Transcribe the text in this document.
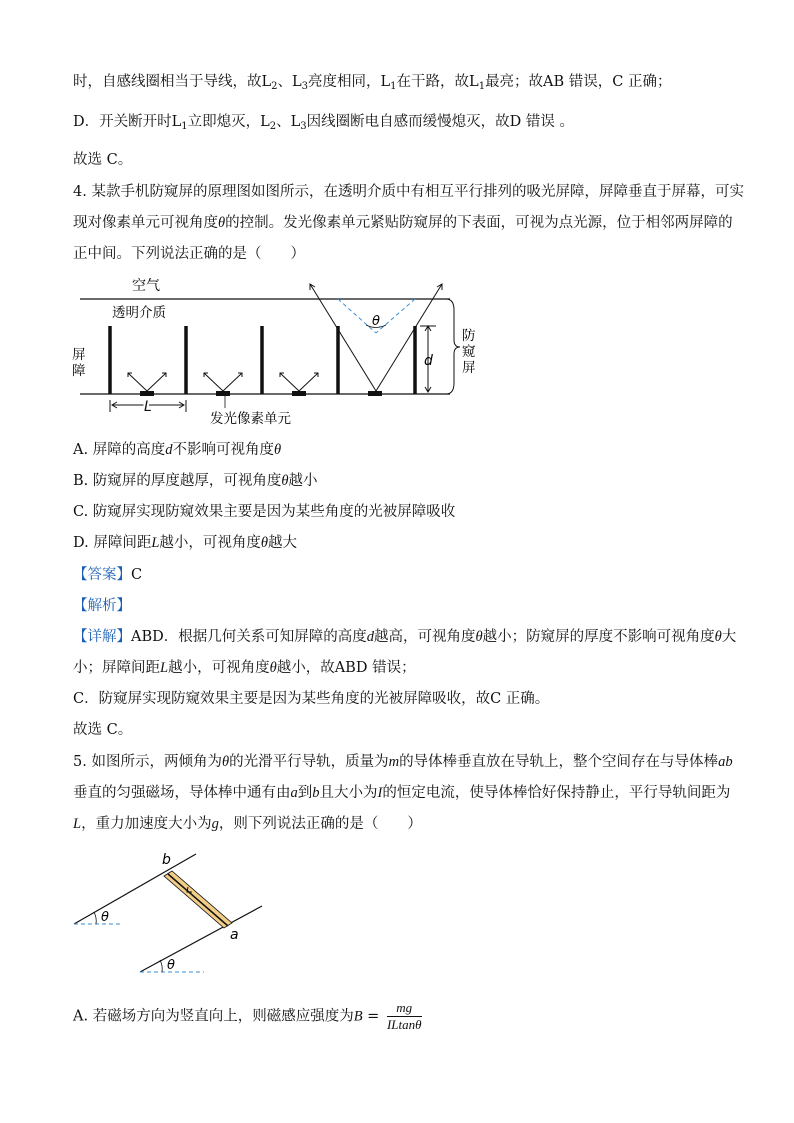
时，自感线圈相当于导线，故$L_2$、$L_3$亮度相同，$L_1$在干路，故$L_1$最亮；故AB 错误，C 正确；
D．开关断开时$L_1$立即熄灭，$L_2$、$L_3$因线圈断电自感而缓慢熄灭，故D 错误 。
故选 C。
4. 某款手机防窥屏的原理图如图所示，在透明介质中有相互平行排列的吸光屏障，屏障垂直于屏幕，可实
现对像素单元可视角度θ的控制。发光像素单元紧贴防窥屏的下表面，可视为点光源，位于相邻两屏障的
正中间。下列说法正确的是（　　）
空气
透明介质
屏
障
θ
d
防
窥
屏
L
发光像素单元
A. 屏障的高度d不影响可视角度θ
B. 防窥屏的厚度越厚，可视角度θ越小
C. 防窥屏实现防窥效果主要是因为某些角度的光被屏障吸收
D. 屏障间距L越小，可视角度θ越大
【答案】C
【解析】
【详解】ABD．根据几何关系可知屏障的高度d越高，可视角度θ越小；防窥屏的厚度不影响可视角度θ大
小；屏障间距L越小，可视角度θ越小，故ABD 错误；
C．防窥屏实现防窥效果主要是因为某些角度的光被屏障吸收，故C 正确。
故选 C。
5. 如图所示，两倾角为θ的光滑平行导轨，质量为m的导体棒垂直放在导轨上，整个空间存在与导体棒ab
垂直的匀强磁场，导体棒中通有由a到b且大小为I的恒定电流，使导体棒恰好保持静止，平行导轨间距为
L，重力加速度大小为g，则下列说法正确的是（　　）
θ
θ
b
a
A. 若磁场方向为竖直向上，则磁感应强度为$B = \frac{mg}{ILtan\theta}$
